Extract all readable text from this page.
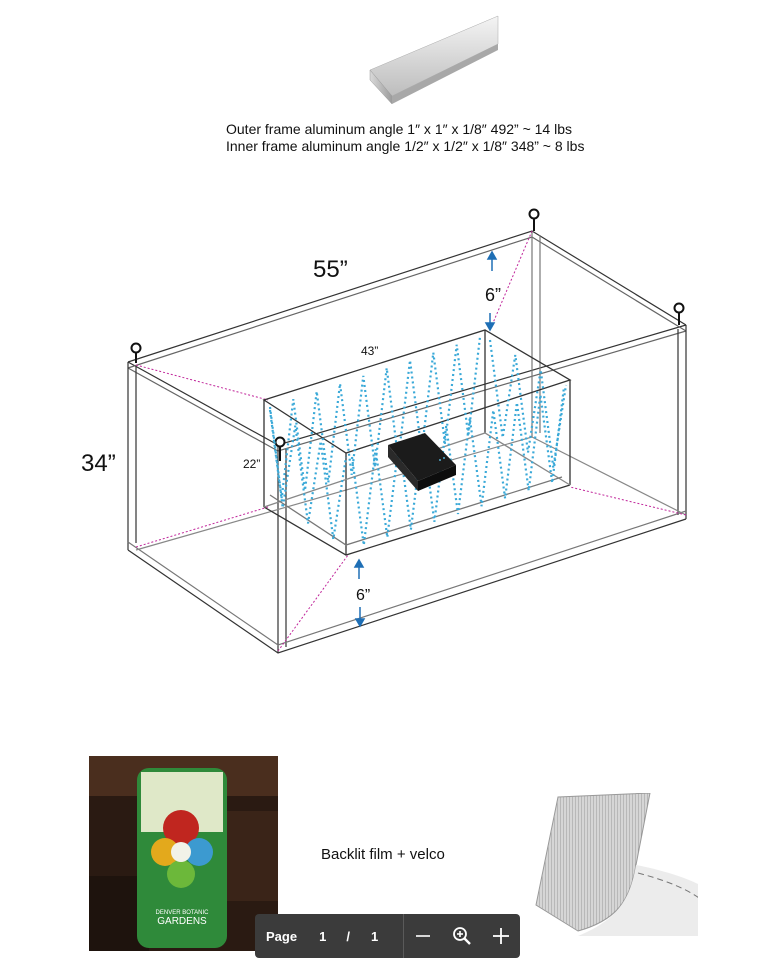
Outer frame aluminum angle 1″ x 1″ x 1/8″ 492” ~ 14 lbs
Inner frame aluminum angle 1/2″ x 1/2″ x 1/8″ 348” ~ 8 lbs
55”
34”
6”
6”
43”
22”
DENVER BOTANIC
GARDENS
Backlit film + velco
Page 1 / 1
